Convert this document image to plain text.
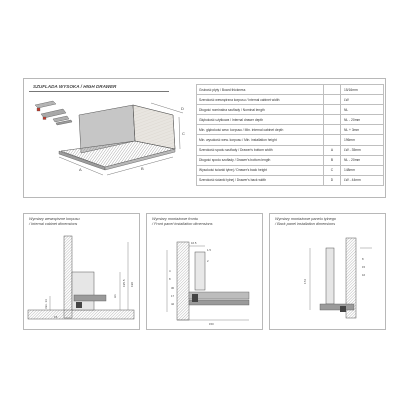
SZUFLADA WYSOKA / HIGH DRAWER
A	B
C
D
Grubość płyty / Board thickness		15/16mm
Szerokość wewnętrzna korpusu / Internal cabinet width		LW
Długość nominalna szuflady / Nominal length		NL
Głębokość użytkowa / Internal drawer depth		NL - 20mm
Min. głębokość wew. korpusu / Min. internal cabinet depth		NL + 3mm
Min. wysokość wew. korpusu / Min. installation height		196mm
Szerokość spodu szuflady / Drawer's bottom width	A	LW - 35mm
Długość spodu szuflady / Drawer's bottom length	B	NL - 20mm
Wysokość ścianki tylnej / Drawer's back height	C	148mm
Szerokość ścianki tylnej / Drawer's back width	D	LW - 44mm
Wymiary wewnętrzne korpusu
/ Internal cabinet dimensions
Wymiary montażowe frontu
/ Front panel installation dimensions
Wymiary montażowe panelu tylnego
/ Back panel installation dimensions
H1
195.5 190
min. 13
15
16.5
1.5
2
4
8
30
17
42
150
172
8
15
16
